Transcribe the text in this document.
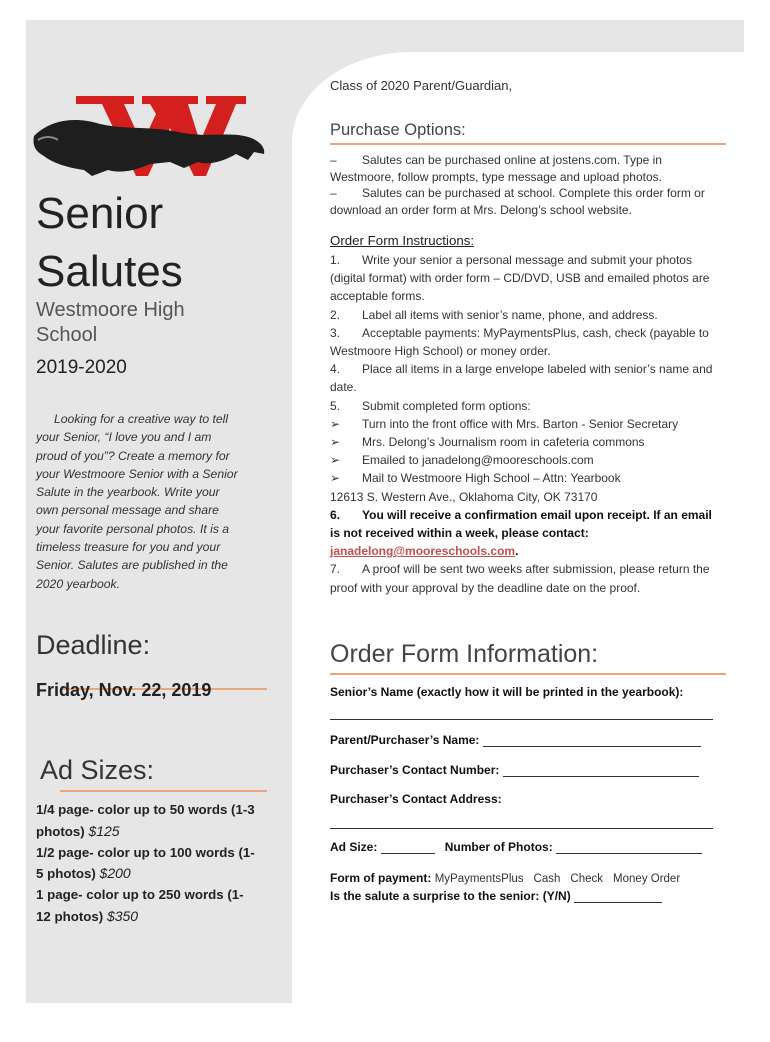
Senior
Salutes
Westmoore High School
2019-2020
Looking for a creative way to tell your Senior, “I love you and I am proud of you”? Create a memory for your Westmoore Senior with a Senior Salute in the yearbook. Write your own personal message and share your favorite personal photos. It is a timeless treasure for you and your Senior. Salutes are published in the 2020 yearbook.
Deadline:
Friday, Nov. 22, 2019
Ad Sizes:
1/4 page- color up to 50 words (1-3 photos) $125
1/2 page- color up to 100 words (1-5 photos) $200
1 page- color up to 250 words (1-12 photos) $350
Class of 2020 Parent/Guardian,
Purchase Options:
– Salutes can be purchased online at jostens.com. Type in Westmoore, follow prompts, type message and upload photos.
– Salutes can be purchased at school. Complete this order form or download an order form at Mrs. Delong’s school website.
Order Form Instructions:
1. Write your senior a personal message and submit your photos (digital format) with order form – CD/DVD, USB and emailed photos are acceptable forms.
2. Label all items with senior’s name, phone, and address.
3. Acceptable payments: MyPaymentsPlus, cash, check (payable to Westmoore High School) or money order.
4. Place all items in a large envelope labeled with senior’s name and date.
5. Submit completed form options:
➢ Turn into the front office with Mrs. Barton - Senior Secretary
➢ Mrs. Delong’s Journalism room in cafeteria commons
➢ Emailed to janadelong@mooreschools.com
➢ Mail to Westmoore High School – Attn: Yearbook
12613 S. Western Ave., Oklahoma City, OK 73170
6. You will receive a confirmation email upon receipt. If an email is not received within a week, please contact:
janadelong@mooreschools.com.
7. A proof will be sent two weeks after submission, please return the proof with your approval by the deadline date on the proof.
Order Form Information:
Senior’s Name (exactly how it will be printed in the yearbook):
Parent/Purchaser’s Name:
Purchaser’s Contact Number:
Purchaser’s Contact Address:
Ad Size:	Number of Photos:
Form of payment: MyPaymentsPlus Cash Check Money Order
Is the salute a surprise to the senior: (Y/N)
